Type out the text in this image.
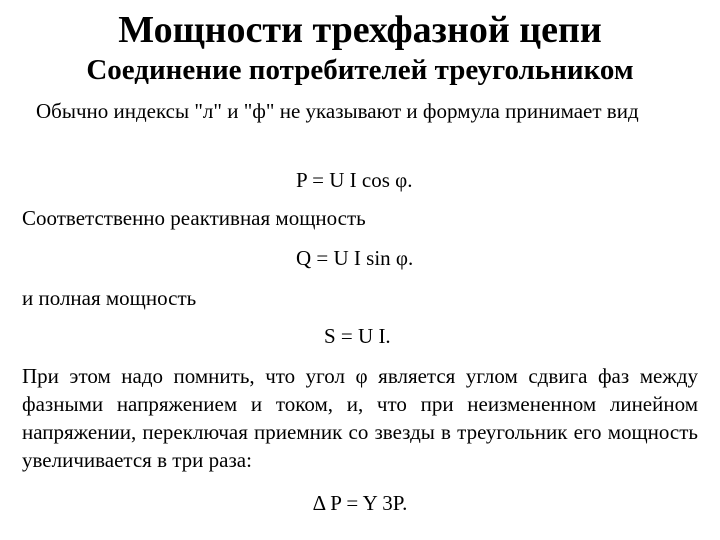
Мощности трехфазной цепи
Соединение потребителей треугольником
Обычно индексы "л" и "ф" не указывают и формула принимает вид
P = U I cos φ.
Соответственно реактивная мощность
Q = U I sin φ.
и полная мощность
S = U I.
При этом надо помнить, что угол φ является углом сдвига фаз между фазными напряжением и током, и, что при неизмененном линейном напряжении, переключая приемник со звезды в треугольник его мощность увеличивается в три раза:
Δ P = Y 3P.
